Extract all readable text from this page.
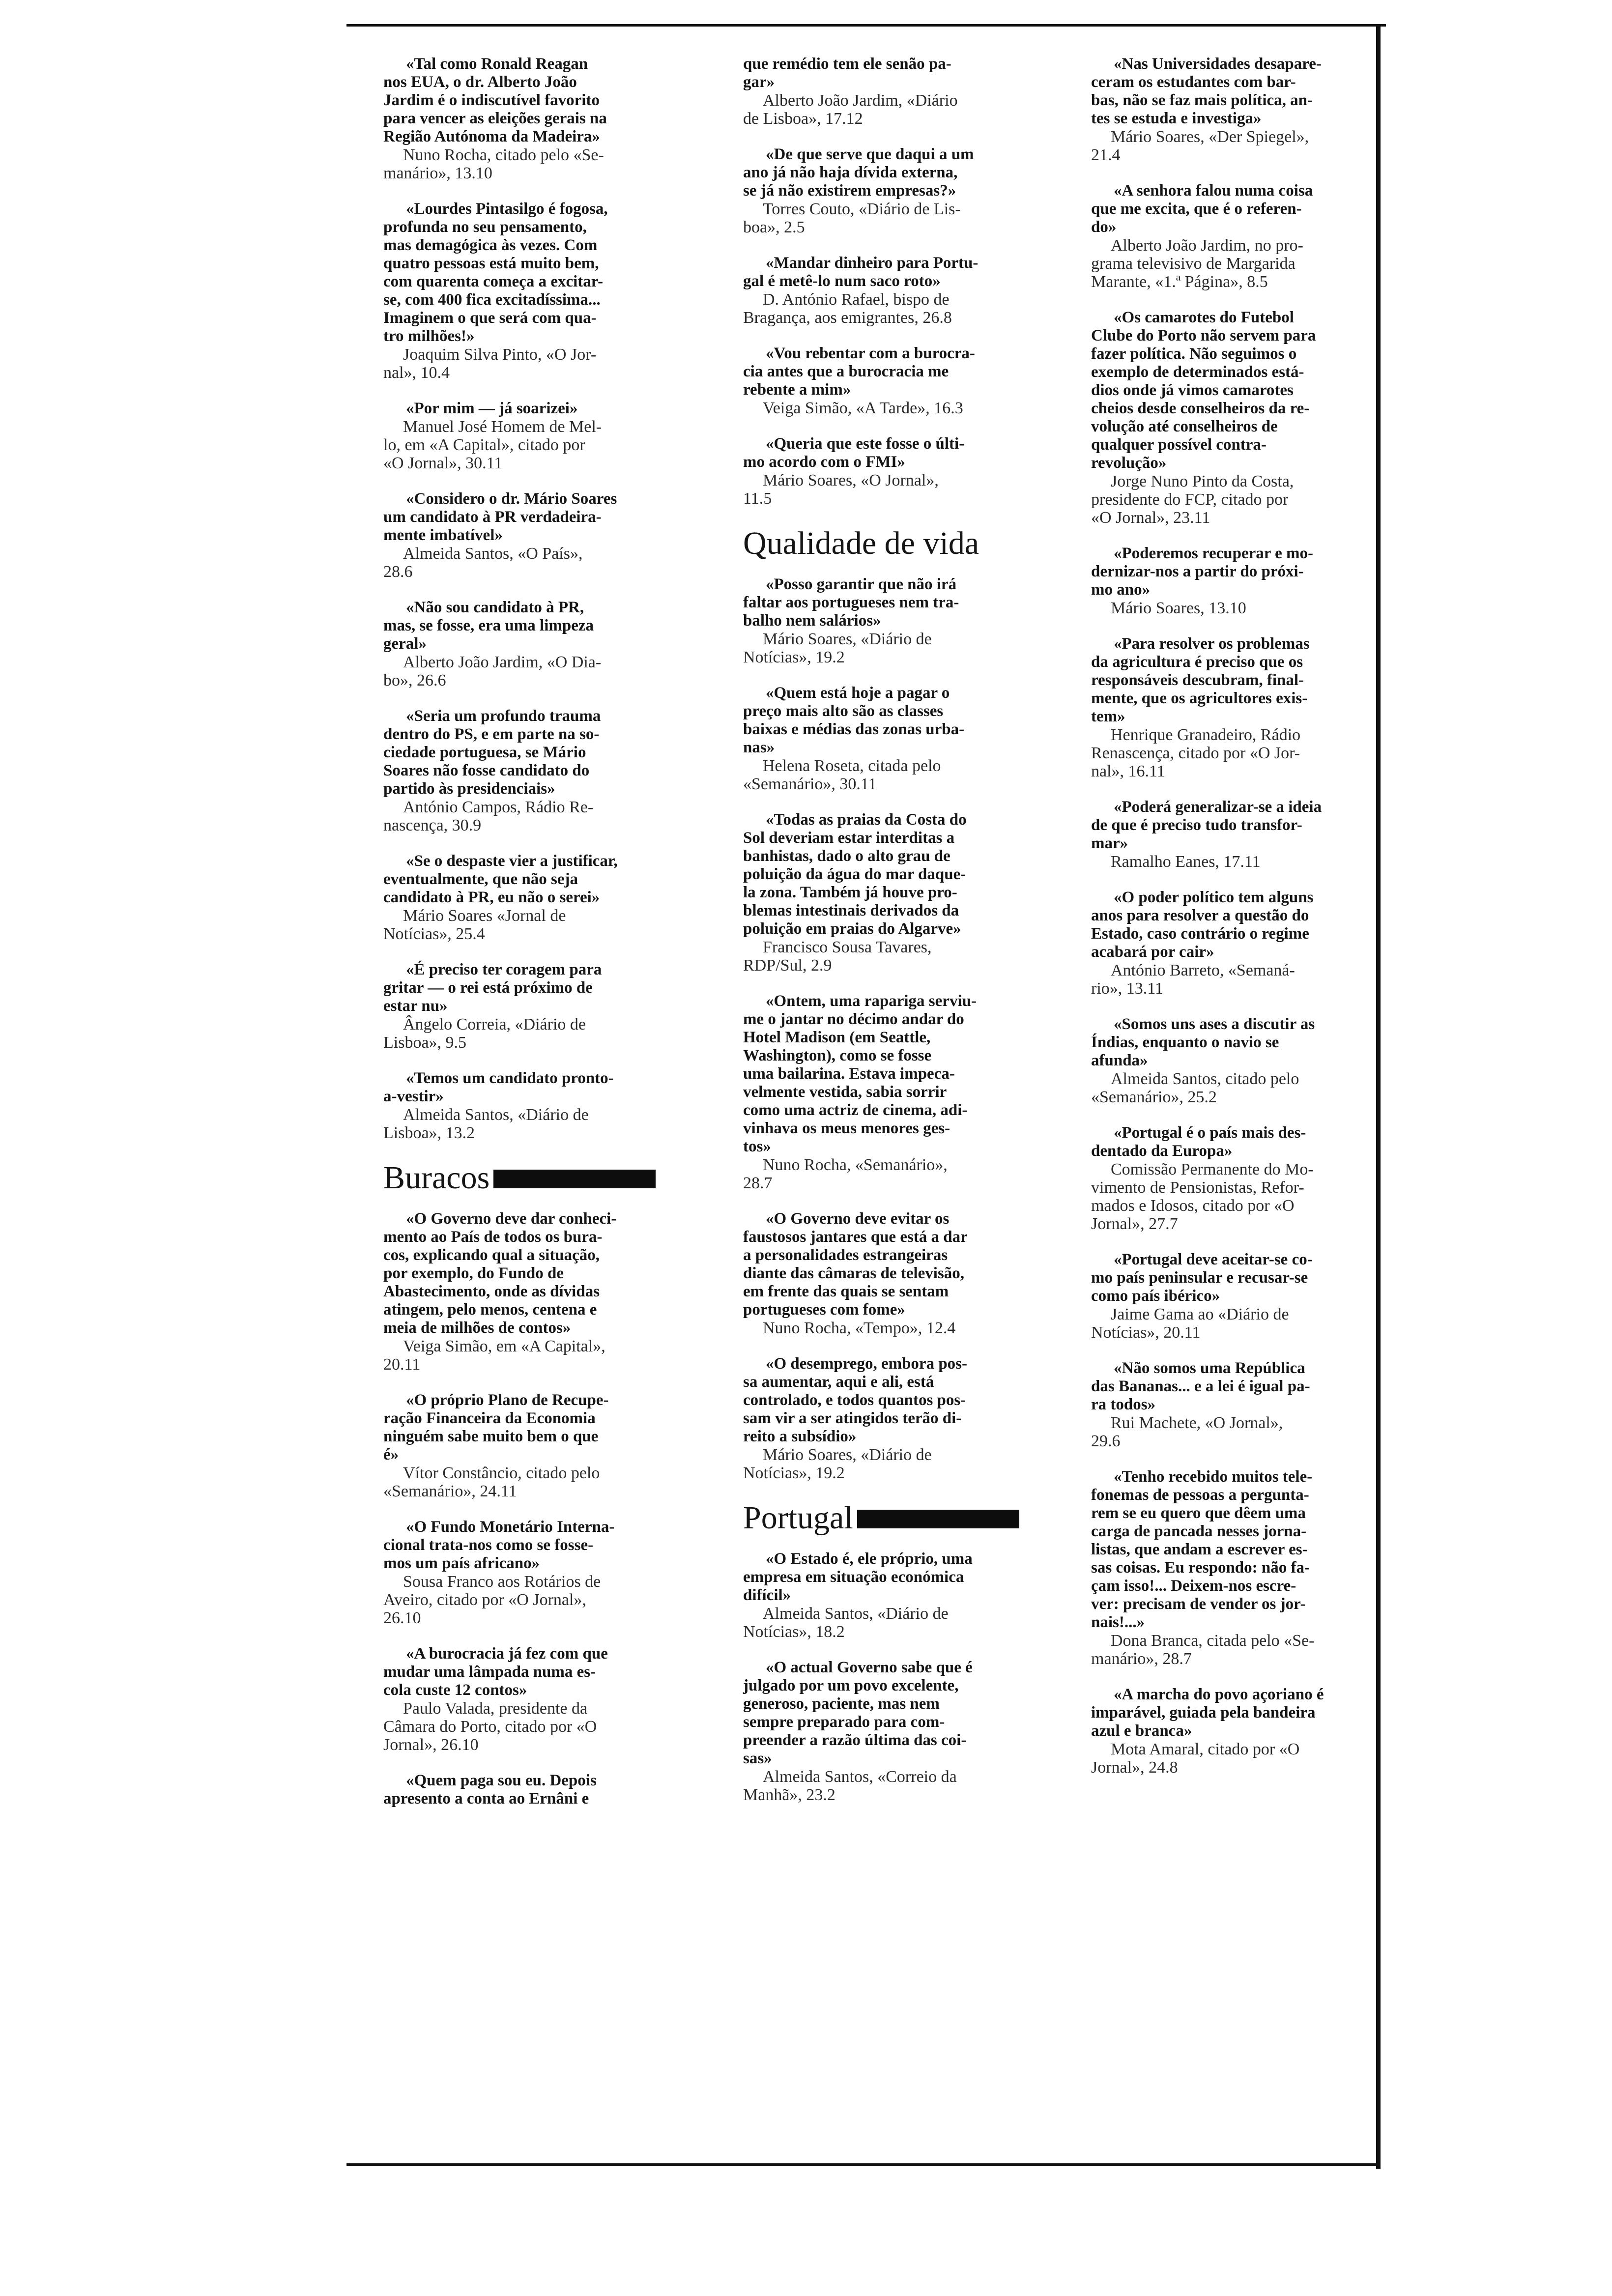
«Tal como Ronald Reagan
nos EUA, o dr. Alberto João
Jardim é o indiscutível favorito
para vencer as eleições gerais na
Região Autónoma da Madeira»
Nuno Rocha, citado pelo «Se-
manário», 13.10
«Lourdes Pintasilgo é fogosa,
profunda no seu pensamento,
mas demagógica às vezes. Com
quatro pessoas está muito bem,
com quarenta começa a excitar-
se, com 400 fica excitadíssima...
Imaginem o que será com qua-
tro milhões!»
Joaquim Silva Pinto, «O Jor-
nal», 10.4
«Por mim — já soarizei»
Manuel José Homem de Mel-
lo, em «A Capital», citado por
«O Jornal», 30.11
«Considero o dr. Mário Soares
um candidato à PR verdadeira-
mente imbatível»
Almeida Santos, «O País»,
28.6
«Não sou candidato à PR,
mas, se fosse, era uma limpeza
geral»
Alberto João Jardim, «O Dia-
bo», 26.6
«Seria um profundo trauma
dentro do PS, e em parte na so-
ciedade portuguesa, se Mário
Soares não fosse candidato do
partido às presidenciais»
António Campos, Rádio Re-
nascença, 30.9
«Se o despaste vier a justificar,
eventualmente, que não seja
candidato à PR, eu não o serei»
Mário Soares «Jornal de
Notícias», 25.4
«É preciso ter coragem para
gritar — o rei está próximo de
estar nu»
Ângelo Correia, «Diário de
Lisboa», 9.5
«Temos um candidato pronto-
a-vestir»
Almeida Santos, «Diário de
Lisboa», 13.2
Buracos
«O Governo deve dar conheci-
mento ao País de todos os bura-
cos, explicando qual a situação,
por exemplo, do Fundo de
Abastecimento, onde as dívidas
atingem, pelo menos, centena e
meia de milhões de contos»
Veiga Simão, em «A Capital»,
20.11
«O próprio Plano de Recupe-
ração Financeira da Economia
ninguém sabe muito bem o que
é»
Vítor Constâncio, citado pelo
«Semanário», 24.11
«O Fundo Monetário Interna-
cional trata-nos como se fosse-
mos um país africano»
Sousa Franco aos Rotários de
Aveiro, citado por «O Jornal»,
26.10
«A burocracia já fez com que
mudar uma lâmpada numa es-
cola custe 12 contos»
Paulo Valada, presidente da
Câmara do Porto, citado por «O
Jornal», 26.10
«Quem paga sou eu. Depois
apresento a conta ao Ernâni e
que remédio tem ele senão pa-
gar»
Alberto João Jardim, «Diário
de Lisboa», 17.12
«De que serve que daqui a um
ano já não haja dívida externa,
se já não existirem empresas?»
Torres Couto, «Diário de Lis-
boa», 2.5
«Mandar dinheiro para Portu-
gal é metê-lo num saco roto»
D. António Rafael, bispo de
Bragança, aos emigrantes, 26.8
«Vou rebentar com a burocra-
cia antes que a burocracia me
rebente a mim»
Veiga Simão, «A Tarde», 16.3
«Queria que este fosse o últi-
mo acordo com o FMI»
Mário Soares, «O Jornal»,
11.5
Qualidade de vida
«Posso garantir que não irá
faltar aos portugueses nem tra-
balho nem salários»
Mário Soares, «Diário de
Notícias», 19.2
«Quem está hoje a pagar o
preço mais alto são as classes
baixas e médias das zonas urba-
nas»
Helena Roseta, citada pelo
«Semanário», 30.11
«Todas as praias da Costa do
Sol deveriam estar interditas a
banhistas, dado o alto grau de
poluição da água do mar daque-
la zona. Também já houve pro-
blemas intestinais derivados da
poluição em praias do Algarve»
Francisco Sousa Tavares,
RDP/Sul, 2.9
«Ontem, uma rapariga serviu-
me o jantar no décimo andar do
Hotel Madison (em Seattle,
Washington), como se fosse
uma bailarina. Estava impeca-
velmente vestida, sabia sorrir
como uma actriz de cinema, adi-
vinhava os meus menores ges-
tos»
Nuno Rocha, «Semanário»,
28.7
«O Governo deve evitar os
faustosos jantares que está a dar
a personalidades estrangeiras
diante das câmaras de televisão,
em frente das quais se sentam
portugueses com fome»
Nuno Rocha, «Tempo», 12.4
«O desemprego, embora pos-
sa aumentar, aqui e ali, está
controlado, e todos quantos pos-
sam vir a ser atingidos terão di-
reito a subsídio»
Mário Soares, «Diário de
Notícias», 19.2
Portugal
«O Estado é, ele próprio, uma
empresa em situação económica
difícil»
Almeida Santos, «Diário de
Notícias», 18.2
«O actual Governo sabe que é
julgado por um povo excelente,
generoso, paciente, mas nem
sempre preparado para com-
preender a razão última das coi-
sas»
Almeida Santos, «Correio da
Manhã», 23.2
«Nas Universidades desapare-
ceram os estudantes com bar-
bas, não se faz mais política, an-
tes se estuda e investiga»
Mário Soares, «Der Spiegel»,
21.4
«A senhora falou numa coisa
que me excita, que é o referen-
do»
Alberto João Jardim, no pro-
grama televisivo de Margarida
Marante, «1.ª Página», 8.5
«Os camarotes do Futebol
Clube do Porto não servem para
fazer política. Não seguimos o
exemplo de determinados está-
dios onde já vimos camarotes
cheios desde conselheiros da re-
volução até conselheiros de
qualquer possível contra-
revolução»
Jorge Nuno Pinto da Costa,
presidente do FCP, citado por
«O Jornal», 23.11
«Poderemos recuperar e mo-
dernizar-nos a partir do próxi-
mo ano»
Mário Soares, 13.10
«Para resolver os problemas
da agricultura é preciso que os
responsáveis descubram, final-
mente, que os agricultores exis-
tem»
Henrique Granadeiro, Rádio
Renascença, citado por «O Jor-
nal», 16.11
«Poderá generalizar-se a ideia
de que é preciso tudo transfor-
mar»
Ramalho Eanes, 17.11
«O poder político tem alguns
anos para resolver a questão do
Estado, caso contrário o regime
acabará por cair»
António Barreto, «Semaná-
rio», 13.11
«Somos uns ases a discutir as
Índias, enquanto o navio se
afunda»
Almeida Santos, citado pelo
«Semanário», 25.2
«Portugal é o país mais des-
dentado da Europa»
Comissão Permanente do Mo-
vimento de Pensionistas, Refor-
mados e Idosos, citado por «O
Jornal», 27.7
«Portugal deve aceitar-se co-
mo país peninsular e recusar-se
como país ibérico»
Jaime Gama ao «Diário de
Notícias», 20.11
«Não somos uma República
das Bananas... e a lei é igual pa-
ra todos»
Rui Machete, «O Jornal»,
29.6
«Tenho recebido muitos tele-
fonemas de pessoas a pergunta-
rem se eu quero que dêem uma
carga de pancada nesses jorna-
listas, que andam a escrever es-
sas coisas. Eu respondo: não fa-
çam isso!... Deixem-nos escre-
ver: precisam de vender os jor-
nais!...»
Dona Branca, citada pelo «Se-
manário», 28.7
«A marcha do povo açoriano é
imparável, guiada pela bandeira
azul e branca»
Mota Amaral, citado por «O
Jornal», 24.8
